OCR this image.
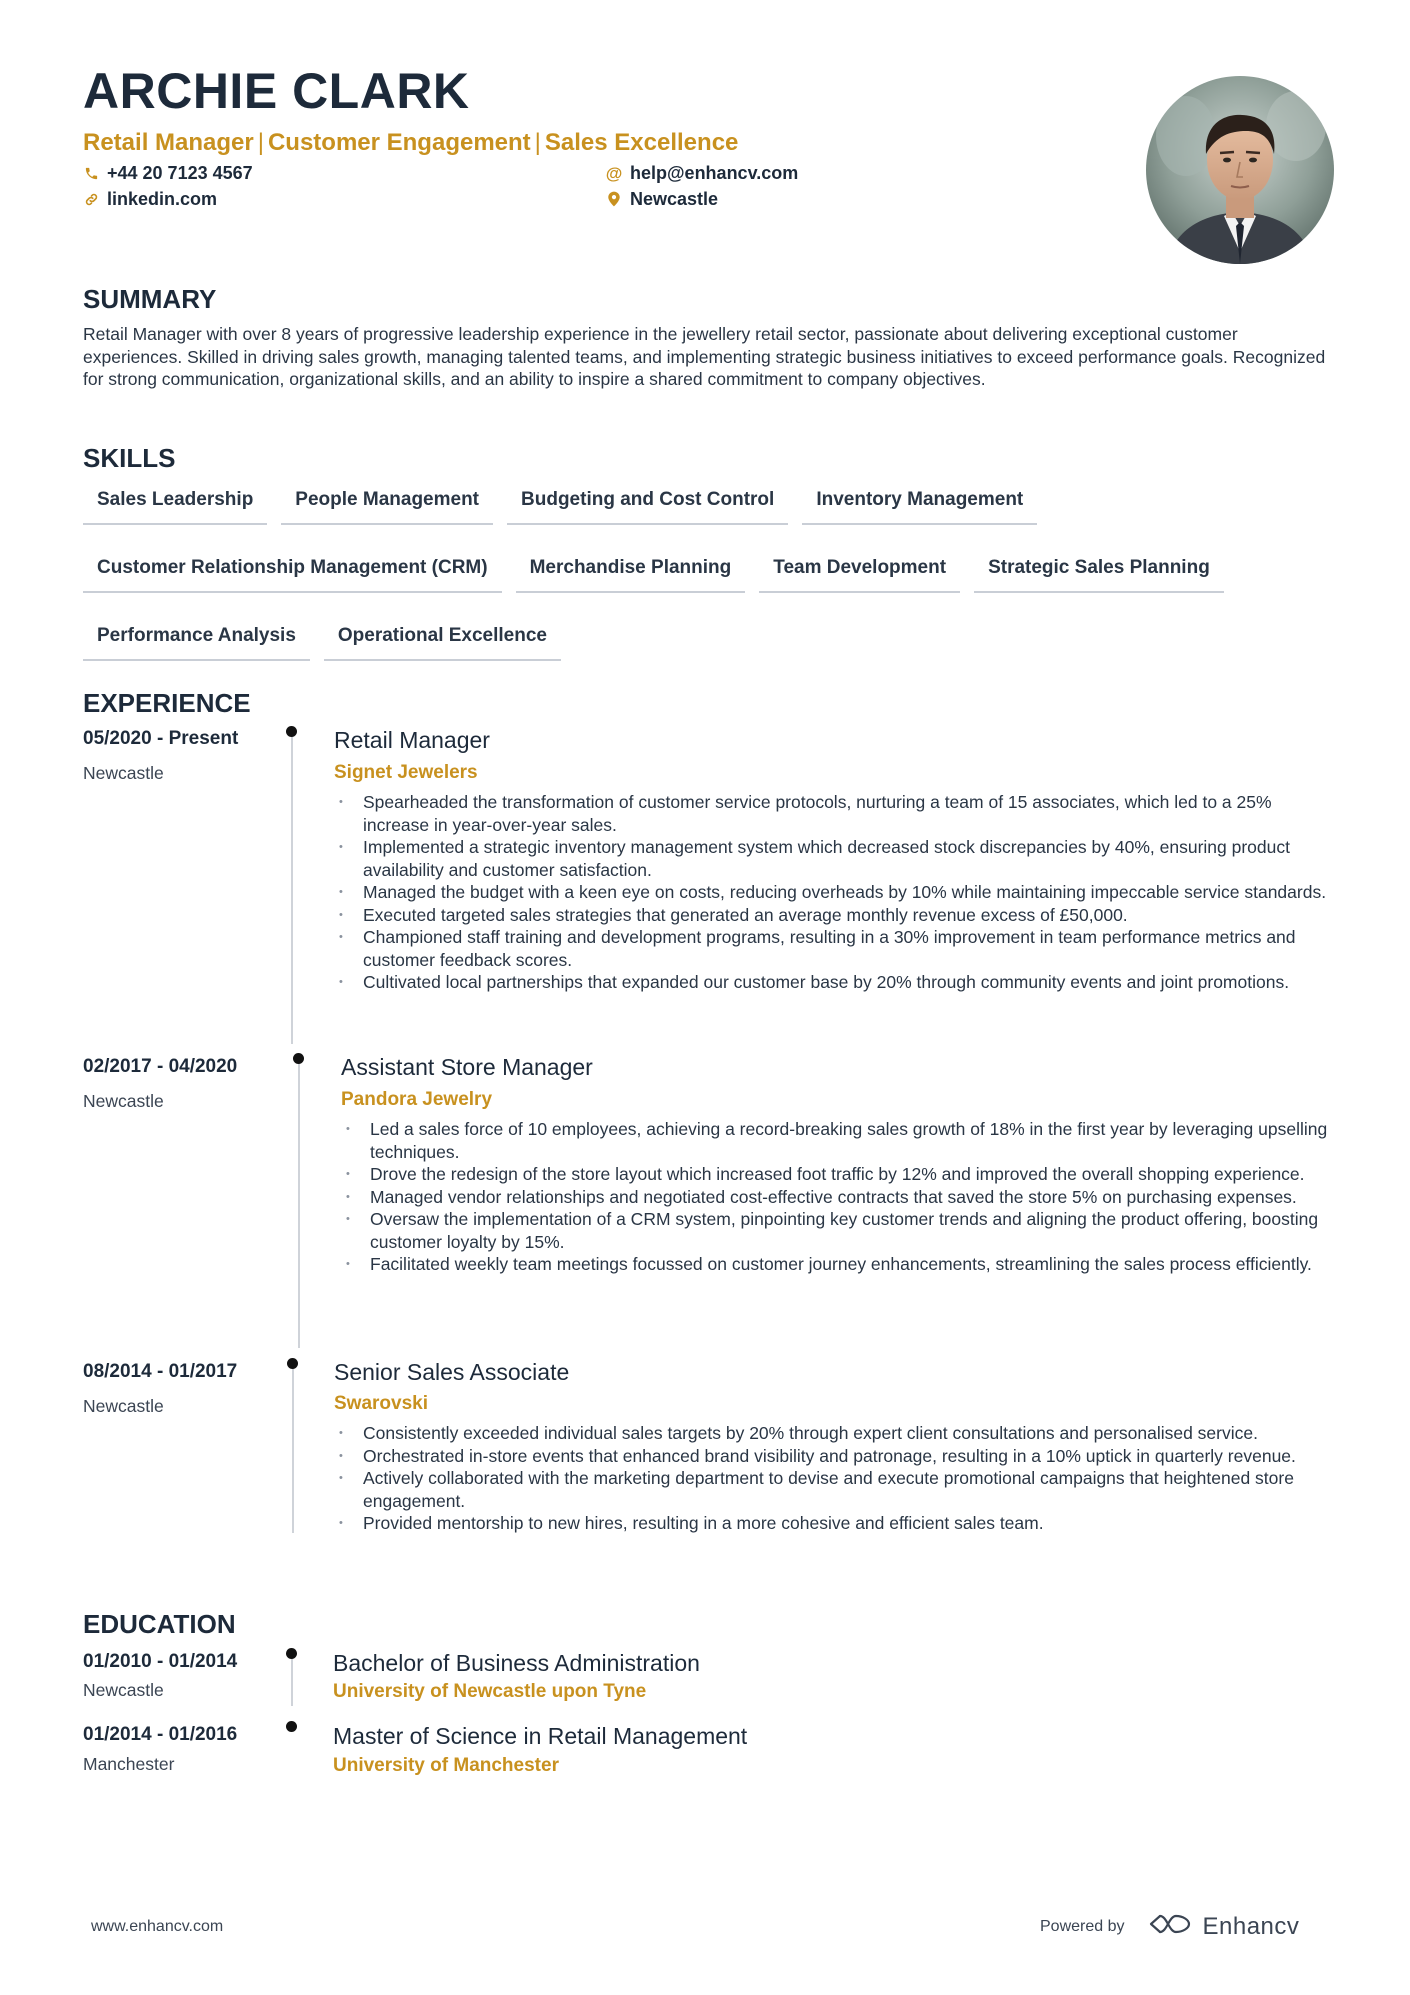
ARCHIE CLARK
Retail Manager | Customer Engagement | Sales Excellence
+44 20 7123 4567	@ help@enhancv.com
linkedin.com	Newcastle
SUMMARY

Retail Manager with over 8 years of progressive leadership experience in the jewellery retail sector, passionate about delivering exceptional customer experiences. Skilled in driving sales growth, managing talented teams, and implementing strategic business initiatives to exceed performance goals. Recognized for strong communication, organizational skills, and an ability to inspire a shared commitment to company objectives.

SKILLS
Sales Leadership	People Management	Budgeting and Cost Control	Inventory Management
Customer Relationship Management (CRM)	Merchandise Planning	Team Development	Strategic Sales Planning
Performance Analysis	Operational Excellence
EXPERIENCE
05/2020 - Present
Newcastle
Retail Manager
Signet Jewelers
• Spearheaded the transformation of customer service protocols, nurturing a team of 15 associates, which led to a 25% increase in year-over-year sales.
• Implemented a strategic inventory management system which decreased stock discrepancies by 40%, ensuring product availability and customer satisfaction.
• Managed the budget with a keen eye on costs, reducing overheads by 10% while maintaining impeccable service standards.
• Executed targeted sales strategies that generated an average monthly revenue excess of £50,000.
• Championed staff training and development programs, resulting in a 30% improvement in team performance metrics and customer feedback scores.
• Cultivated local partnerships that expanded our customer base by 20% through community events and joint promotions.
02/2017 - 04/2020
Newcastle
Assistant Store Manager
Pandora Jewelry
• Led a sales force of 10 employees, achieving a record-breaking sales growth of 18% in the first year by leveraging upselling techniques.
• Drove the redesign of the store layout which increased foot traffic by 12% and improved the overall shopping experience.
• Managed vendor relationships and negotiated cost-effective contracts that saved the store 5% on purchasing expenses.
• Oversaw the implementation of a CRM system, pinpointing key customer trends and aligning the product offering, boosting customer loyalty by 15%.
• Facilitated weekly team meetings focussed on customer journey enhancements, streamlining the sales process efficiently.
08/2014 - 01/2017
Newcastle
Senior Sales Associate
Swarovski
• Consistently exceeded individual sales targets by 20% through expert client consultations and personalised service.
• Orchestrated in-store events that enhanced brand visibility and patronage, resulting in a 10% uptick in quarterly revenue.
• Actively collaborated with the marketing department to devise and execute promotional campaigns that heightened store engagement.
• Provided mentorship to new hires, resulting in a more cohesive and efficient sales team.
EDUCATION
01/2010 - 01/2014
Newcastle
Bachelor of Business Administration
University of Newcastle upon Tyne
01/2014 - 01/2016
Manchester
Master of Science in Retail Management
University of Manchester
www.enhancv.com	Powered by	Enhancv
